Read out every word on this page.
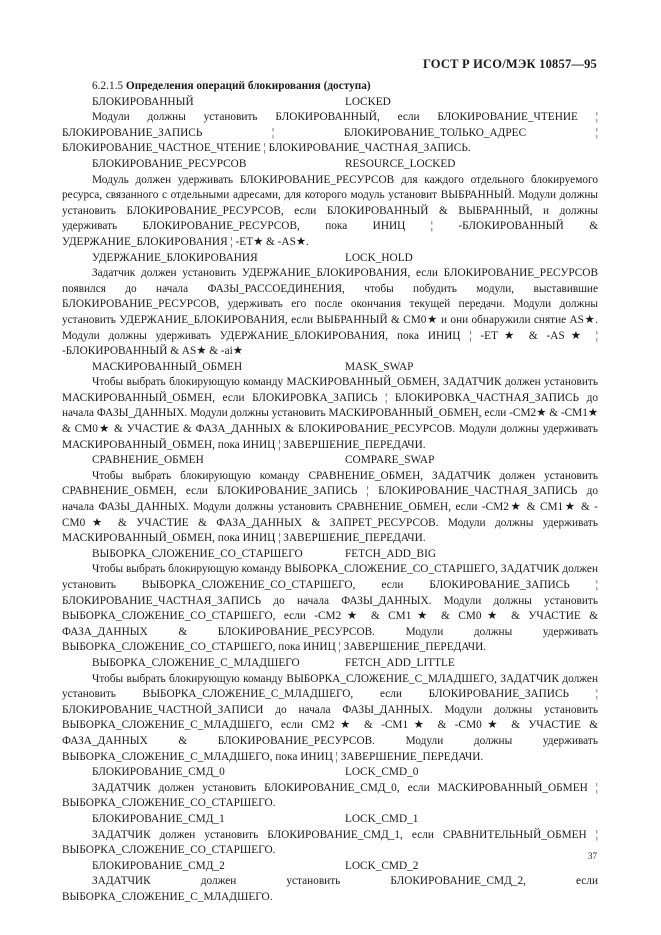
ГОСТ Р ИСО/МЭК 10857—95
6.2.1.5 Определения операций блокирования (доступа)
БЛОКИРОВАННЫЙ	LOCKED

Модули должны установить БЛОКИРОВАННЫЙ, если БЛОКИРОВАНИЕ_ЧТЕНИЕ ¦ БЛОКИРОВАНИЕ_ЗАПИСЬ ¦ БЛОКИРОВАНИЕ_ТОЛЬКО_АДРЕС ¦ БЛОКИРОВАНИЕ_ЧАСТНОЕ_ЧТЕНИЕ ¦ БЛОКИРОВАНИЕ_ЧАСТНАЯ_ЗАПИСЬ.

БЛОКИРОВАНИЕ_РЕСУРСОВ	RESOURCE_LOCKED

Модуль должен удерживать БЛОКИРОВАНИЕ_РЕСУРСОВ для каждого отдельного блокируемого ресурса, связанного с отдельными адресами, для которого модуль установит ВЫБРАННЫЙ. Модули должны установить БЛОКИРОВАНИЕ_РЕСУРСОВ, если БЛОКИРОВАННЫЙ & ВЫБРАННЫЙ, и должны удерживать БЛОКИРОВАНИЕ_РЕСУРСОВ, пока ИНИЦ ¦ -БЛОКИРОВАННЫЙ & УДЕРЖАНИЕ_БЛОКИРОВАНИЯ ¦ -ET★ & -AS★.

УДЕРЖАНИЕ_БЛОКИРОВАНИЯ	LOCK_HOLD

Задатчик должен установить УДЕРЖАНИЕ_БЛОКИРОВАНИЯ, если БЛОКИРОВАНИЕ_РЕСУРСОВ появился до начала ФАЗЫ_РАССОЕДИНЕНИЯ, чтобы побудить модули, выставившие БЛОКИРОВАНИЕ_РЕСУРСОВ, удерживать его после окончания текущей передачи. Модули должны установить УДЕРЖАНИЕ_БЛОКИРОВАНИЯ, если ВЫБРАННЫЙ & CM0★ и они обнаружили снятие AS★. Модули должны удерживать УДЕРЖАНИЕ_БЛОКИРОВАНИЯ, пока ИНИЦ ¦ -ET★ & -AS★ ¦ -БЛОКИРОВАННЫЙ & AS★ & -ai★

МАСКИРОВАННЫЙ_ОБМЕН	MASK_SWAP

Чтобы выбрать блокирующую команду МАСКИРОВАННЫЙ_ОБМЕН, ЗАДАТЧИК должен установить МАСКИРОВАННЫЙ_ОБМЕН, если БЛОКИРОВКА_ЗАПИСЬ ¦ БЛОКИРОВКА_ЧАСТНАЯ_ЗАПИСЬ до начала ФАЗЫ_ДАННЫХ. Модули должны установить МАСКИРОВАННЫЙ_ОБМЕН, если -CM2★ & -CM1★ & CM0★ & УЧАСТИЕ & ФАЗА_ДАННЫХ & БЛОКИРОВАНИЕ_РЕСУРСОВ. Модули должны удерживать МАСКИРОВАННЫЙ_ОБМЕН, пока ИНИЦ ¦ ЗАВЕРШЕНИЕ_ПЕРЕДАЧИ.

СРАВНЕНИЕ_ОБМЕН	COMPARE_SWAP

Чтобы выбрать блокирующую команду СРАВНЕНИЕ_ОБМЕН, ЗАДАТЧИК должен установить СРАВНЕНИЕ_ОБМЕН, если БЛОКИРОВАНИЕ_ЗАПИСЬ ¦ БЛОКИРОВАНИЕ_ЧАСТНАЯ_ЗАПИСЬ до начала ФАЗЫ_ДАННЫХ. Модули должны установить СРАВНЕНИЕ_ОБМЕН, если -CM2★ & CM1★ & -CM0★ & УЧАСТИЕ & ФАЗА_ДАННЫХ & ЗАПРЕТ_РЕСУРСОВ. Модули должны удерживать МАСКИРОВАННЫЙ_ОБМЕН, пока ИНИЦ ¦ ЗАВЕРШЕНИЕ_ПЕРЕДАЧИ.

ВЫБОРКА_СЛОЖЕНИЕ_СО_СТАРШЕГО	FETCH_ADD_BIG

Чтобы выбрать блокирующую команду ВЫБОРКА_СЛОЖЕНИЕ_СО_СТАРШЕГО, ЗАДАТЧИК должен установить ВЫБОРКА_СЛОЖЕНИЕ_СО_СТАРШЕГО, если БЛОКИРОВАНИЕ_ЗАПИСЬ ¦ БЛОКИРОВАНИЕ_ЧАСТНАЯ_ЗАПИСЬ до начала ФАЗЫ_ДАННЫХ. Модули должны установить ВЫБОРКА_СЛОЖЕНИЕ_СО_СТАРШЕГО, если -CM2★ & CM1★ & CM0★ & УЧАСТИЕ & ФАЗА_ДАННЫХ & БЛОКИРОВАНИЕ_РЕСУРСОВ. Модули должны удерживать ВЫБОРКА_СЛОЖЕНИЕ_СО_СТАРШЕГО, пока ИНИЦ ¦ ЗАВЕРШЕНИЕ_ПЕРЕДАЧИ.

ВЫБОРКА_СЛОЖЕНИЕ_С_МЛАДШЕГО	FETCH_ADD_LITTLE

Чтобы выбрать блокирующую команду ВЫБОРКА_СЛОЖЕНИЕ_С_МЛАДШЕГО, ЗАДАТЧИК должен установить ВЫБОРКА_СЛОЖЕНИЕ_С_МЛАДШЕГО, если БЛОКИРОВАНИЕ_ЗАПИСЬ ¦ БЛОКИРОВАНИЕ_ЧАСТНОЙ_ЗАПИСИ до начала ФАЗЫ_ДАННЫХ. Модули должны установить ВЫБОРКА_СЛОЖЕНИЕ_С_МЛАДШЕГО, если CM2★ & -CM1★ & -CM0★ & УЧАСТИЕ & ФАЗА_ДАННЫХ & БЛОКИРОВАНИЕ_РЕСУРСОВ. Модули должны удерживать ВЫБОРКА_СЛОЖЕНИЕ_С_МЛАДШЕГО, пока ИНИЦ ¦ ЗАВЕРШЕНИЕ_ПЕРЕДАЧИ.

БЛОКИРОВАНИЕ_СМД_0	LOCK_CMD_0

ЗАДАТЧИК должен установить БЛОКИРОВАНИЕ_СМД_0, если МАСКИРОВАННЫЙ_ОБМЕН ¦ ВЫБОРКА_СЛОЖЕНИЕ_СО_СТАРШЕГО.

БЛОКИРОВАНИЕ_СМД_1	LOCK_CMD_1

ЗАДАТЧИК должен установить БЛОКИРОВАНИЕ_СМД_1, если СРАВНИТЕЛЬНЫЙ_ОБМЕН ¦ ВЫБОРКА_СЛОЖЕНИЕ_СО_СТАРШЕГО.

БЛОКИРОВАНИЕ_СМД_2	LOCK_CMD_2

ЗАДАТЧИК должен установить БЛОКИРОВАНИЕ_СМД_2, если ВЫБОРКА_СЛОЖЕНИЕ_С_МЛАДШЕГО.

37
